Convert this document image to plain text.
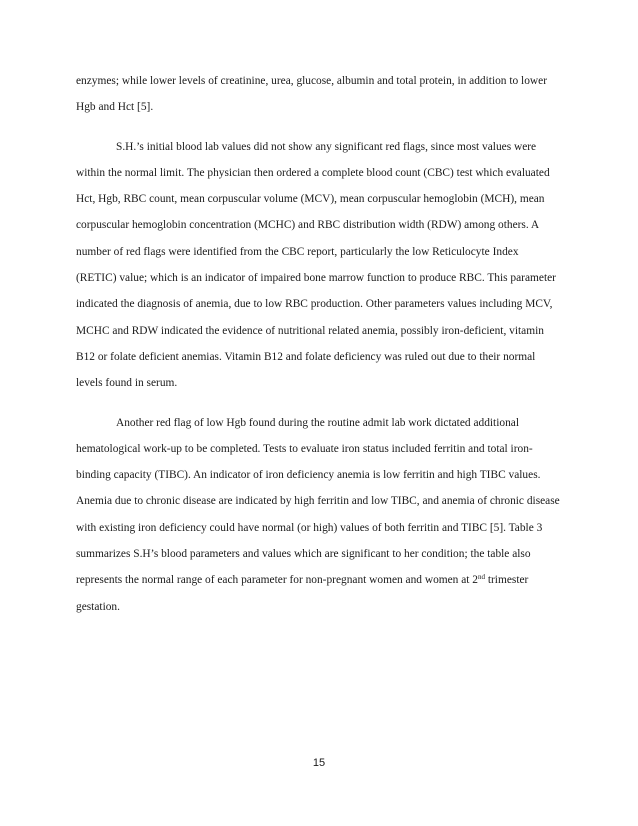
enzymes; while lower levels of creatinine, urea, glucose, albumin and total protein, in addition to lower
Hgb and Hct [5].

S.H.’s initial blood lab values did not show any significant red flags, since most values were
within the normal limit. The physician then ordered a complete blood count (CBC) test which evaluated
Hct, Hgb, RBC count, mean corpuscular volume (MCV), mean corpuscular hemoglobin (MCH), mean
corpuscular hemoglobin concentration (MCHC) and RBC distribution width (RDW) among others. A
number of red flags were identified from the CBC report, particularly the low Reticulocyte Index
(RETIC) value; which is an indicator of impaired bone marrow function to produce RBC. This parameter
indicated the diagnosis of anemia, due to low RBC production. Other parameters values including MCV,
MCHC and RDW indicated the evidence of nutritional related anemia, possibly iron-deficient, vitamin
B12 or folate deficient anemias. Vitamin B12 and folate deficiency was ruled out due to their normal
levels found in serum.

Another red flag of low Hgb found during the routine admit lab work dictated additional
hematological work-up to be completed. Tests to evaluate iron status included ferritin and total iron-
binding capacity (TIBC). An indicator of iron deficiency anemia is low ferritin and high TIBC values.
Anemia due to chronic disease are indicated by high ferritin and low TIBC, and anemia of chronic disease
with existing iron deficiency could have normal (or high) values of both ferritin and TIBC [5]. Table 3
summarizes S.H’s blood parameters and values which are significant to her condition; the table also
represents the normal range of each parameter for non-pregnant women and women at 2nd trimester
gestation.

15
